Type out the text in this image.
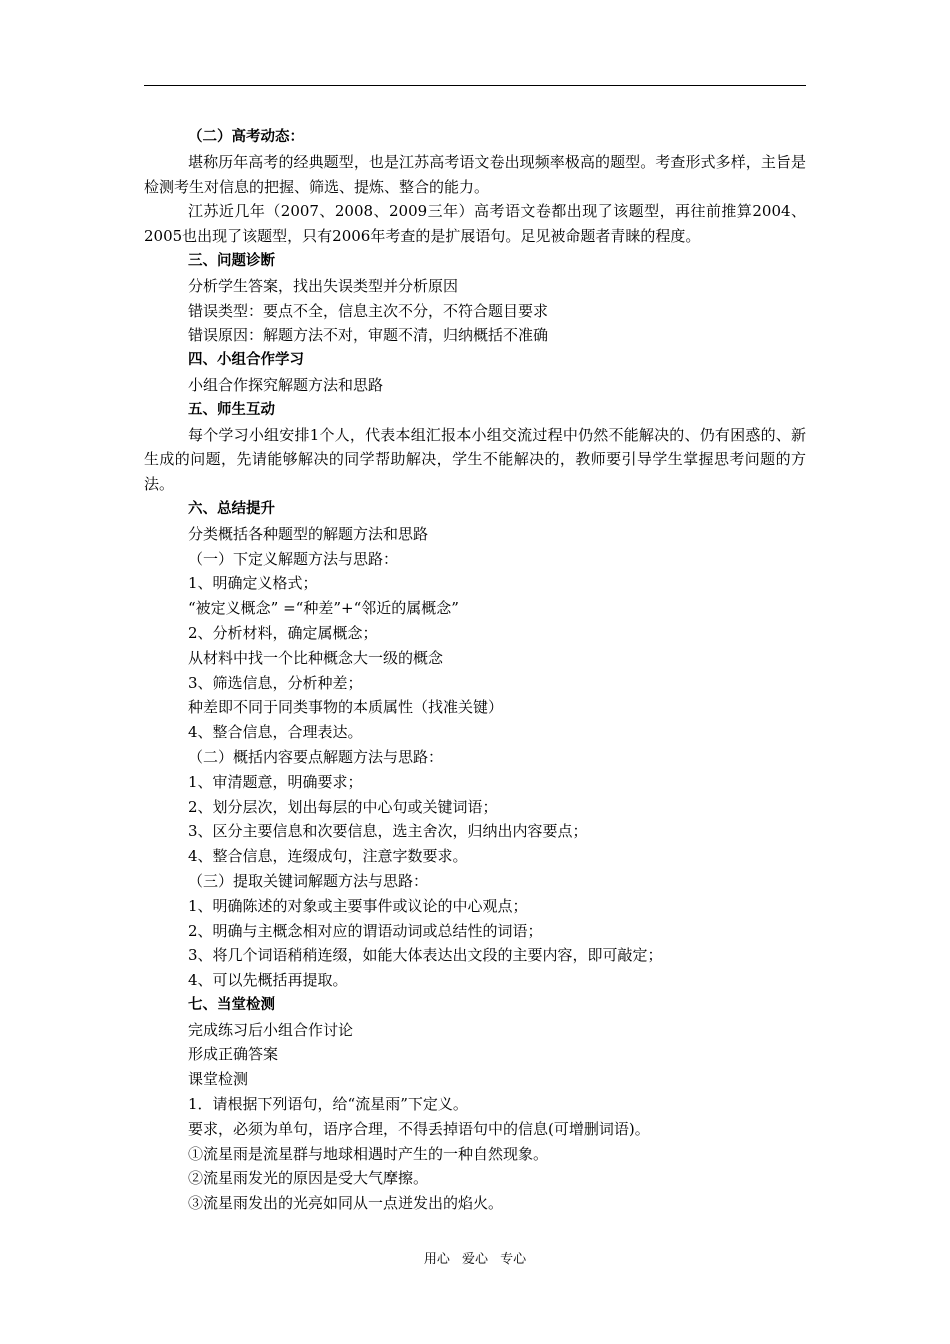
（二）高考动态：
堪称历年高考的经典题型，也是江苏高考语文卷出现频率极高的题型。考查形式多样，主旨是检测考生对信息的把握、筛选、提炼、整合的能力。
江苏近几年（2007、2008、2009三年）高考语文卷都出现了该题型，再往前推算2004、2005也出现了该题型，只有2006年考查的是扩展语句。足见被命题者青睐的程度。
三、问题诊断
分析学生答案，找出失误类型并分析原因
错误类型：要点不全，信息主次不分，不符合题目要求
错误原因：解题方法不对，审题不清，归纳概括不准确
四、小组合作学习
小组合作探究解题方法和思路
五、师生互动
每个学习小组安排1个人，代表本组汇报本小组交流过程中仍然不能解决的、仍有困惑的、新生成的问题，先请能够解决的同学帮助解决，学生不能解决的，教师要引导学生掌握思考问题的方法。
六、总结提升
分类概括各种题型的解题方法和思路
（一）下定义解题方法与思路：
1、明确定义格式；
“被定义概念” =“种差”+“邻近的属概念”
2、分析材料，确定属概念；
从材料中找一个比种概念大一级的概念
3、筛选信息，分析种差；
种差即不同于同类事物的本质属性（找准关键）
4、整合信息，合理表达。
（二）概括内容要点解题方法与思路：
1、审清题意，明确要求；
2、划分层次，划出每层的中心句或关键词语；
3、区分主要信息和次要信息，选主舍次，归纳出内容要点；
4、整合信息，连缀成句，注意字数要求。
（三）提取关键词解题方法与思路：
1、明确陈述的对象或主要事件或议论的中心观点；
2、明确与主概念相对应的谓语动词或总结性的词语；
3、将几个词语稍稍连缀，如能大体表达出文段的主要内容，即可敲定；
4、可以先概括再提取。
七、当堂检测
完成练习后小组合作讨论
形成正确答案
课堂检测
1．请根据下列语句，给“流星雨”下定义。
要求，必须为单句，语序合理，不得丢掉语句中的信息(可增删词语)。
①流星雨是流星群与地球相遇时产生的一种自然现象。
②流星雨发光的原因是受大气摩擦。
③流星雨发出的光亮如同从一点迸发出的焰火。
用心 爱心 专心
